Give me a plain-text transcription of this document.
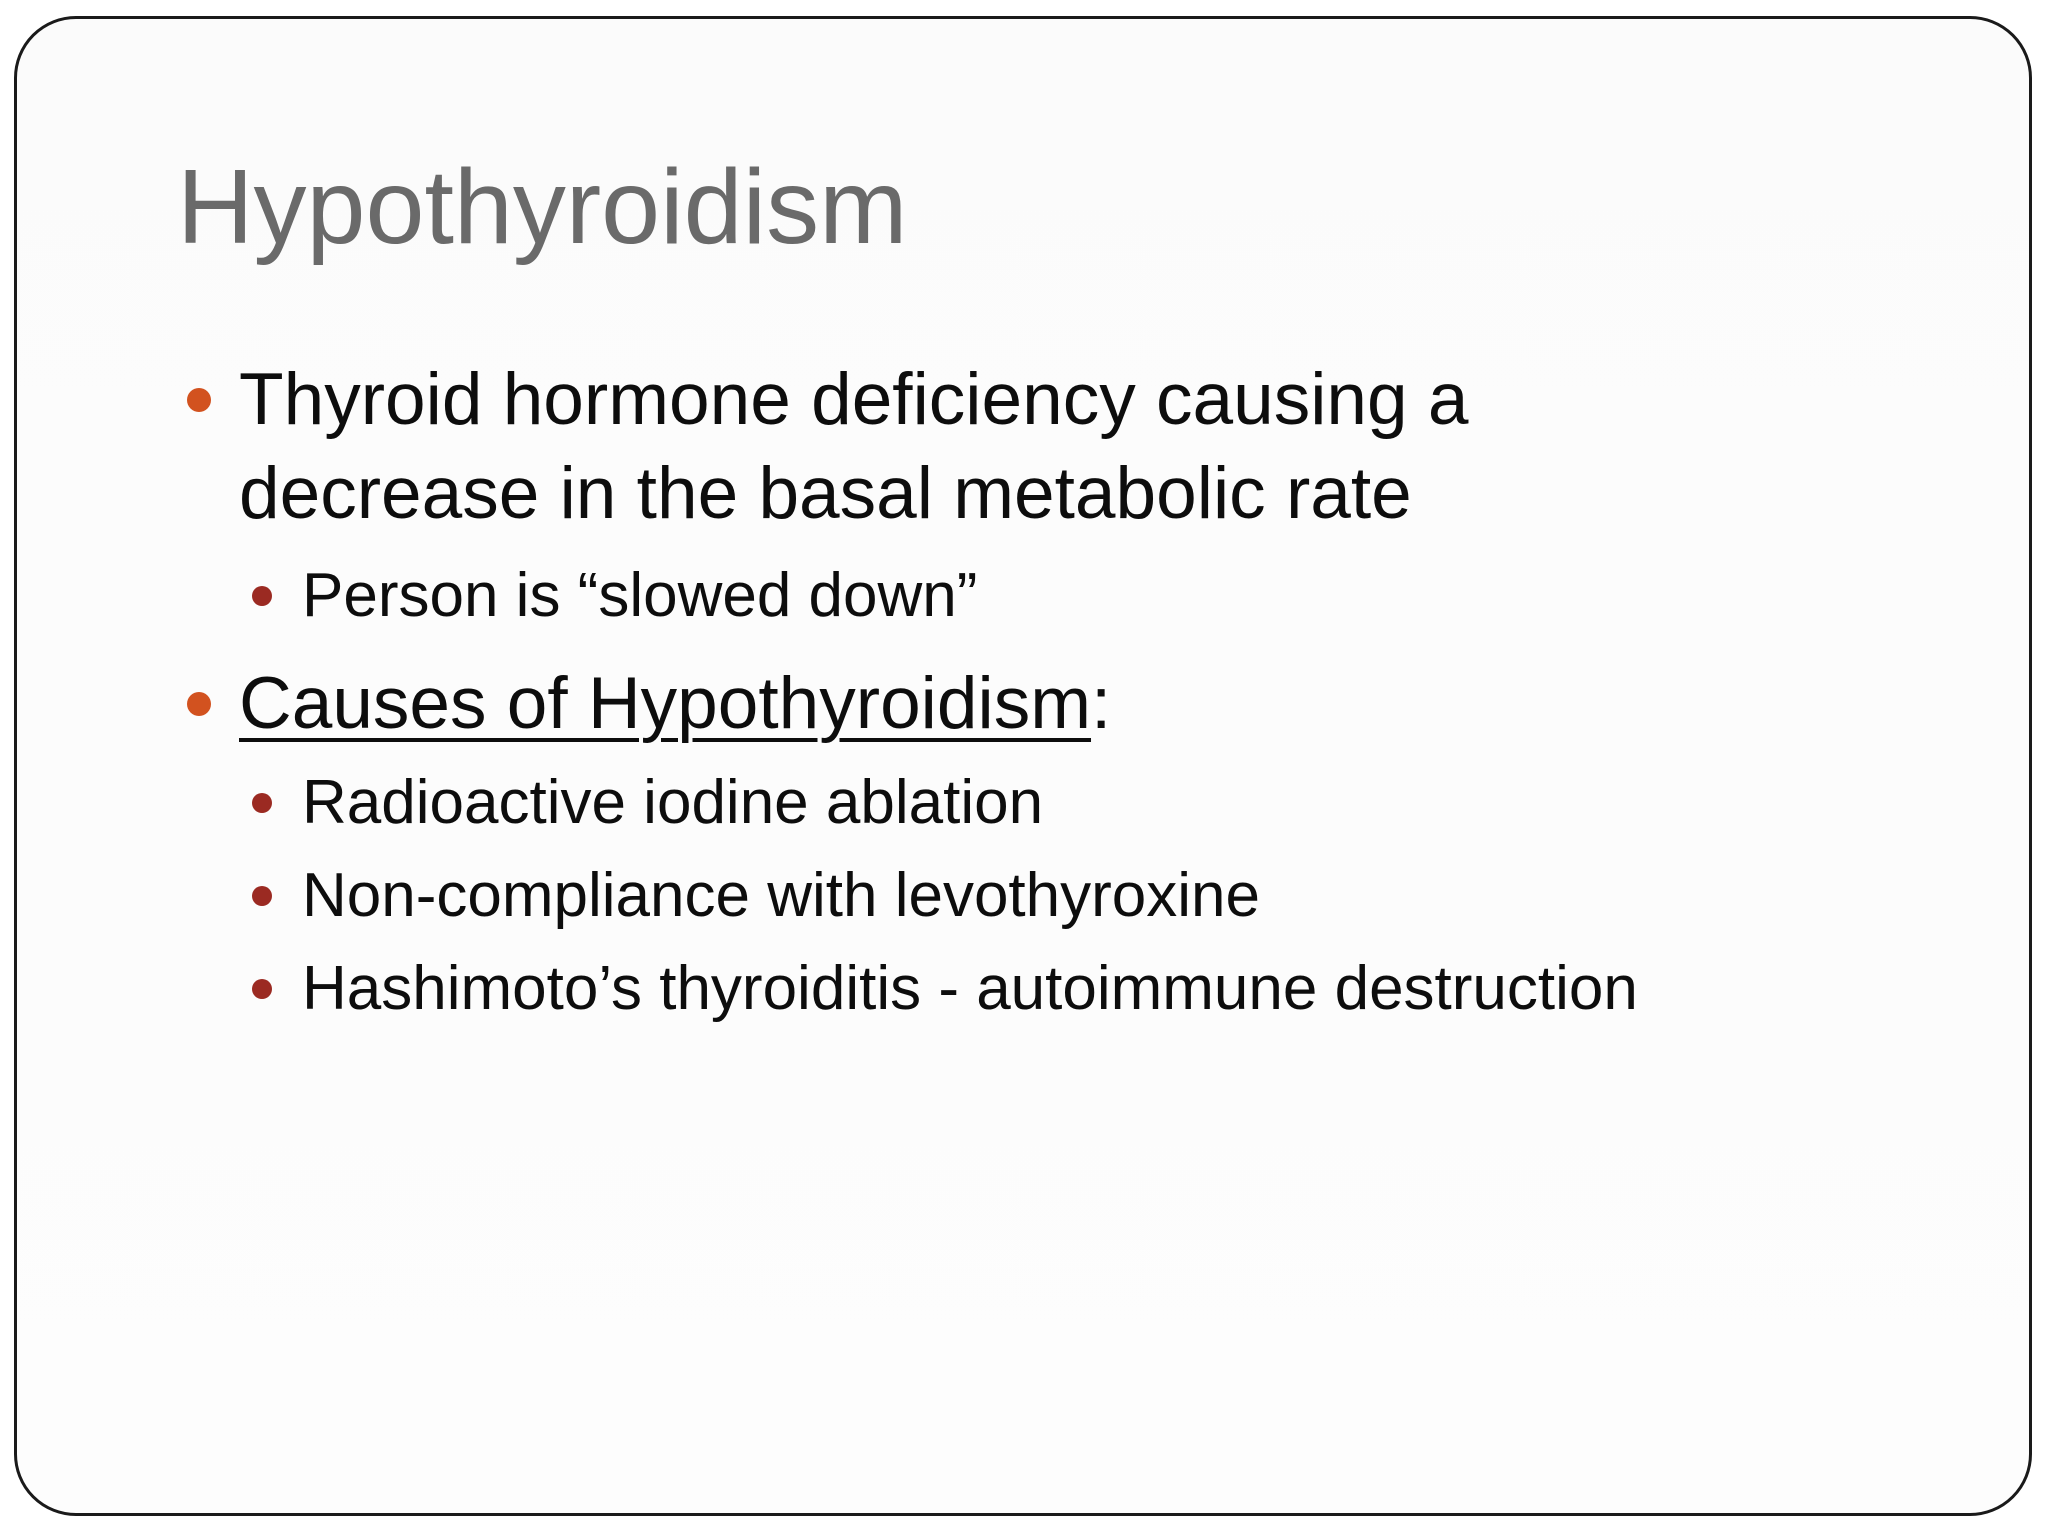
Hypothyroidism
Thyroid hormone deficiency causing a
decrease in the basal metabolic rate
Person is “slowed down”
Causes of Hypothyroidism:
Radioactive iodine ablation
Non-compliance with levothyroxine
Hashimoto’s thyroiditis - autoimmune destruction
